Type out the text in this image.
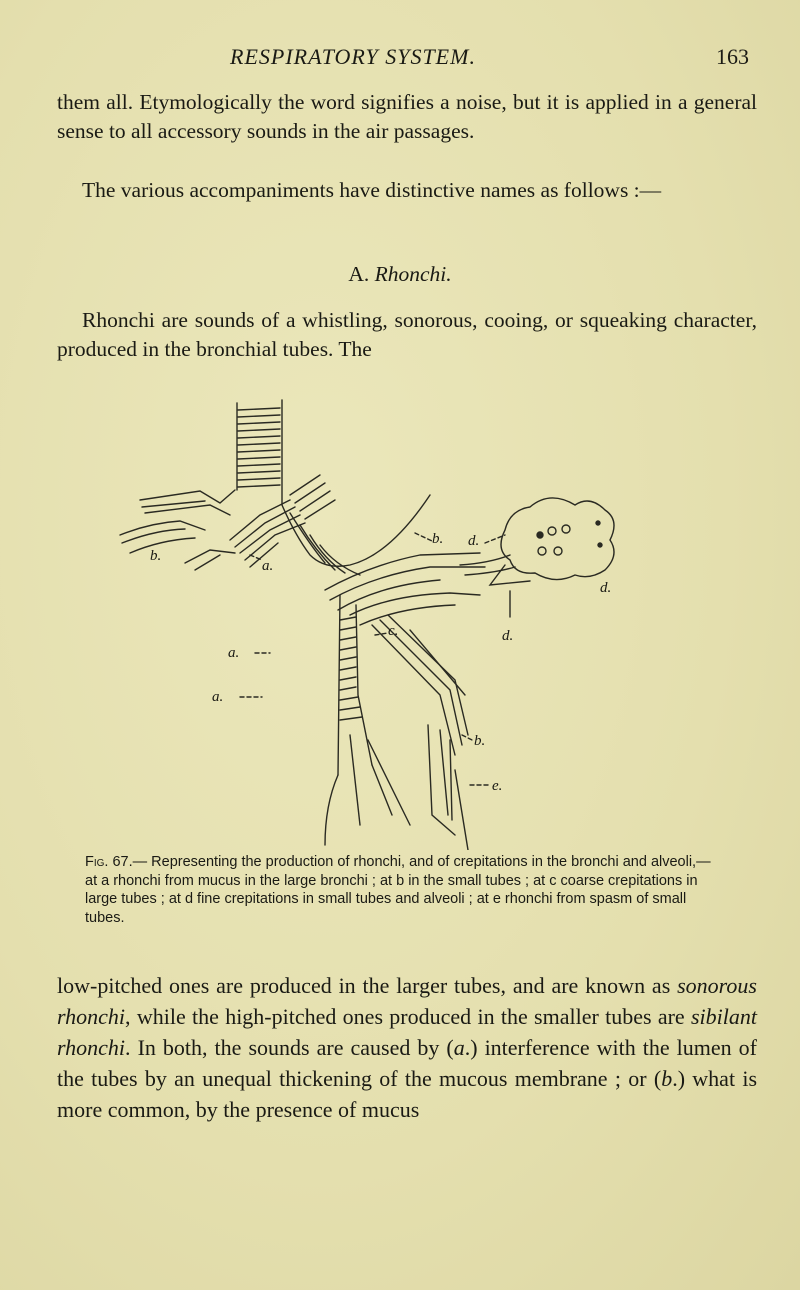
RESPIRATORY SYSTEM.	163

them all. Etymologically the word signifies a noise, but it is applied in a general sense to all accessory sounds in the air passages.

The various accompaniments have distinctive names as follows :—

A. Rhonchi.

Rhonchi are sounds of a whistling, sonorous, cooing, or squeaking character, produced in the bronchial tubes. The

b.
a.
b. d.
d.
c.	d.
a.
a.
b.
e.

Fig. 67.— Representing the production of rhonchi, and of crepitations in the bronchi and alveoli,—at a rhonchi from mucus in the large bronchi ; at b in the small tubes ; at c coarse crepitations in large tubes ; at d fine crepitations in small tubes and alveoli ; at e rhonchi from spasm of small tubes.

low-pitched ones are produced in the larger tubes, and are known as sonorous rhonchi, while the high-pitched ones produced in the smaller tubes are sibilant rhonchi. In both, the sounds are caused by (a.) interference with the lumen of the tubes by an unequal thickening of the mucous membrane ; or (b.) what is more common, by the presence of mucus
